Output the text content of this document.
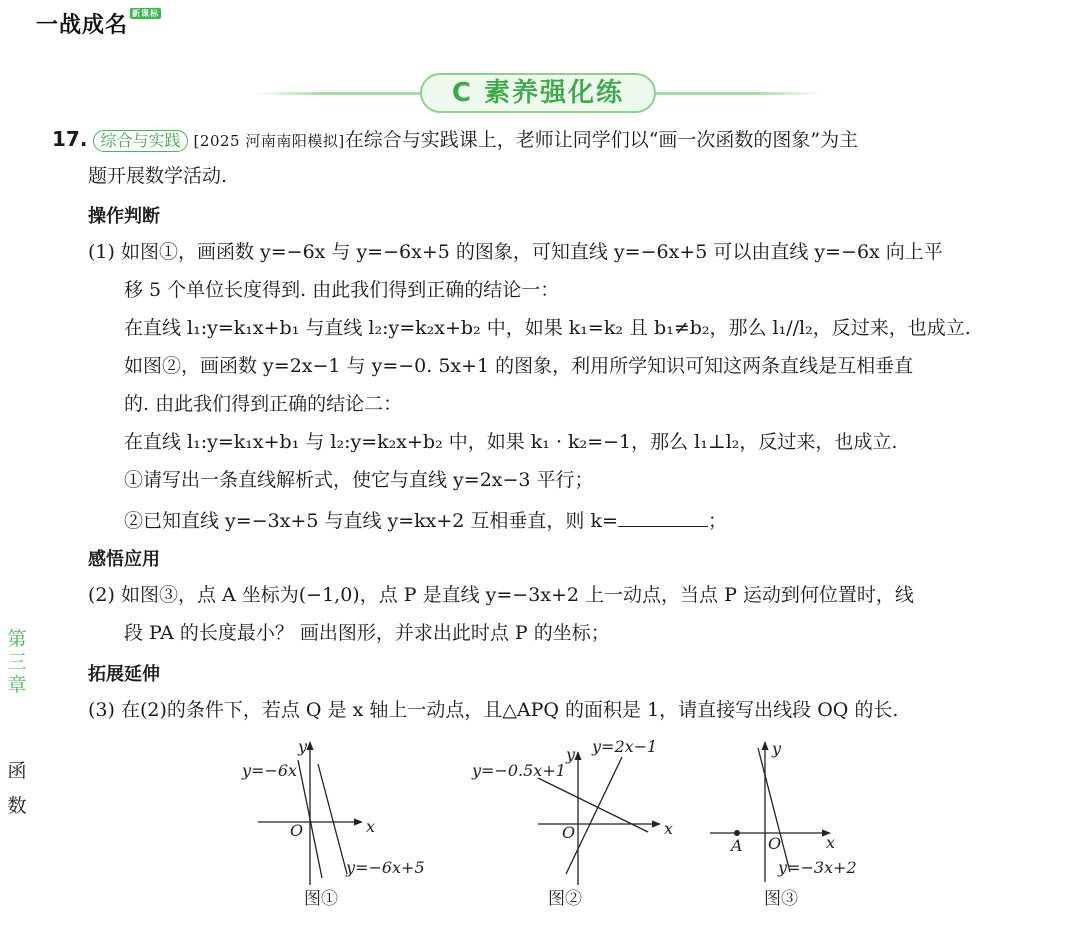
一战成名 新课标
C 素养强化练
17. 综合与实践 [2025 河南南阳模拟]在综合与实践课上，老师让同学们以“画一次函数的图象”为主
题开展数学活动.
操作判断
(1) 如图①，画函数 y=−6x 与 y=−6x+5 的图象，可知直线 y=−6x+5 可以由直线 y=−6x 向上平
移 5 个单位长度得到. 由此我们得到正确的结论一：
在直线 l₁:y=k₁x+b₁ 与直线 l₂:y=k₂x+b₂ 中，如果 k₁=k₂ 且 b₁≠b₂，那么 l₁//l₂，反过来，也成立.
如图②，画函数 y=2x−1 与 y=−0. 5x+1 的图象，利用所学知识可知这两条直线是互相垂直
的. 由此我们得到正确的结论二：
在直线 l₁:y=k₁x+b₁ 与 l₂:y=k₂x+b₂ 中，如果 k₁ · k₂=−1，那么 l₁⊥l₂，反过来，也成立.
①请写出一条直线解析式，使它与直线 y=2x−3 平行；
②已知直线 y=−3x+5 与直线 y=kx+2 互相垂直，则 k=	；
感悟应用
(2) 如图③，点 A 坐标为(−1,0)，点 P 是直线 y=−3x+2 上一动点，当点 P 运动到何位置时，线
段 PA 的长度最小？ 画出图形，并求出此时点 P 的坐标；
拓展延伸
(3) 在(2)的条件下，若点 Q 是 x 轴上一动点，且△APQ 的面积是 1，请直接写出线段 OQ 的长.
第
三
章
函
数
y
x
O
y=−6x
y=−6x+5
图①
y
x
O
y=2x−1
y=−0.5x+1
图②
y
x
O
A
y=−3x+2
图③
